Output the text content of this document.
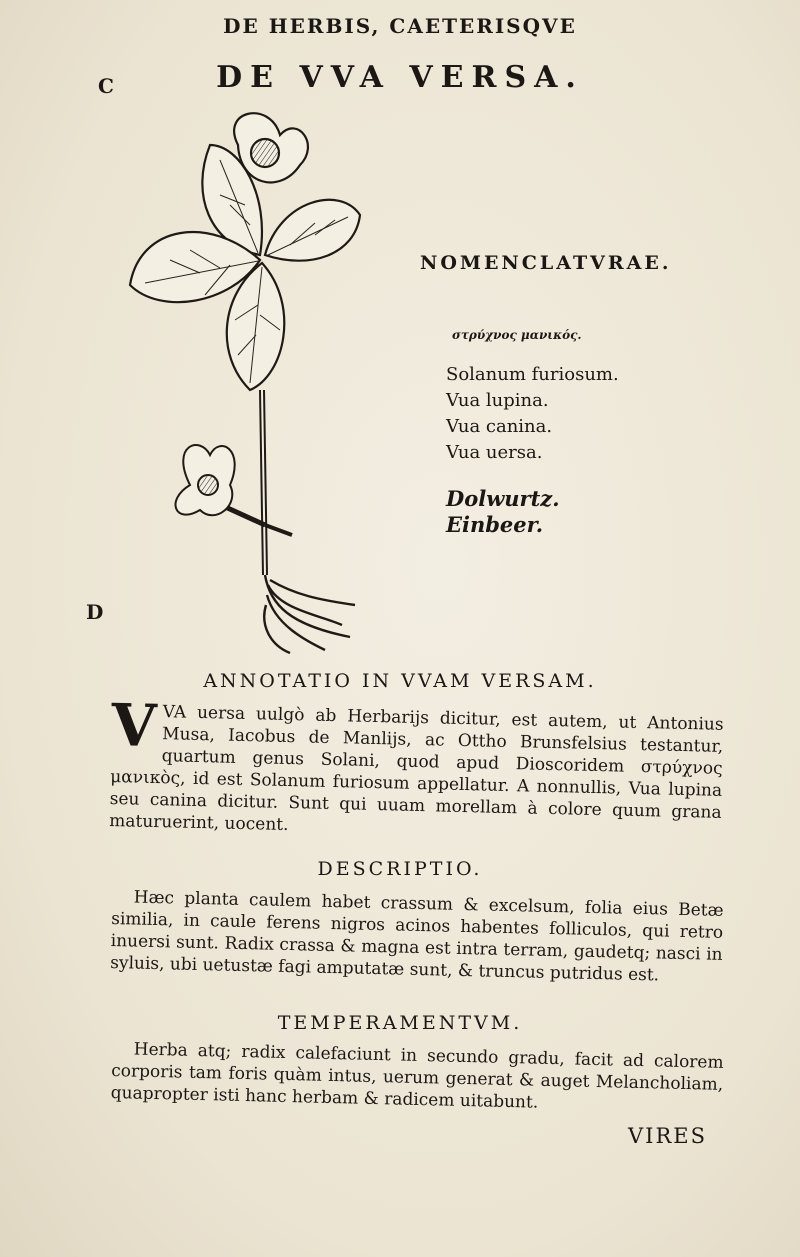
DE HERBIS, CAETERISQVE
C	DE VVA VERSA.
NOMENCLATVRAE.
στρύχνος μανικός.
Solanum furiosum.
Vua lupina.
Vua canina.
Vua uersa.
Dolwurtz.
Einbeer.
D
ANNOTATIO IN VVAM VERSAM.
VVA uersa uulgò ab Herbarijs dicitur, est autem, ut Antonius Musa, Iacobus de Manlijs, ac Ottho Brunsfelsius testantur, quartum genus Solani, quod apud Dioscoridem στρύχνος μανικὸς, id est Solanum furiosum appellatur. A nonnullis, Vua lupina seu canina dicitur. Sunt qui uuam morellam à colore quum grana maturuerint, uocent.
DESCRIPTIO.
Hæc planta caulem habet crassum & excelsum, folia eius Betæ similia, in caule ferens nigros acinos habentes folliculos, qui retro inuersi sunt. Radix crassa & magna est intra terram, gaudetq; nasci in syluis, ubi uetustæ fagi amputatæ sunt, & truncus putridus est.
TEMPERAMENTVM.
Herba atq; radix calefaciunt in secundo gradu, facit ad calorem corporis tam foris quàm intus, uerum generat & auget Melancholiam, quapropter isti hanc herbam & radicem uitabunt.
VIRES
